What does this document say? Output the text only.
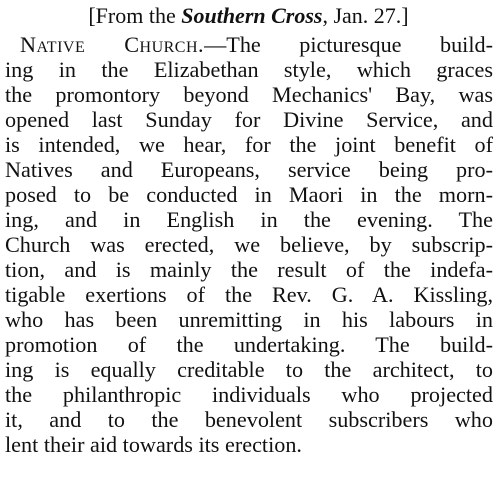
[From the Southern Cross, Jan. 27.]
Native Church.—The picturesque build-
ing in the Elizabethan style, which graces
the promontory beyond Mechanics' Bay, was
opened last Sunday for Divine Service, and
is intended, we hear, for the joint benefit of
Natives and Europeans, service being pro-
posed to be conducted in Maori in the morn-
ing, and in English in the evening. The
Church was erected, we believe, by subscrip-
tion, and is mainly the result of the indefa-
tigable exertions of the Rev. G. A. Kissling,
who has been unremitting in his labours in
promotion of the undertaking. The build-
ing is equally creditable to the architect, to
the philanthropic individuals who projected
it, and to the benevolent subscribers who
lent their aid towards its erection.
